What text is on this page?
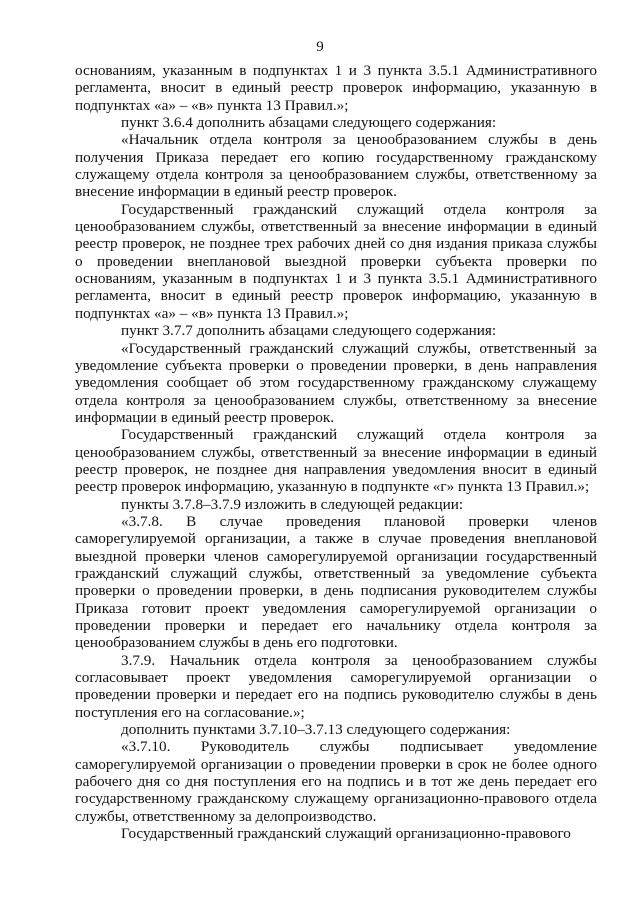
9

основаниям, указанным в подпунктах 1 и 3 пункта 3.5.1 Административного регламента, вносит в единый реестр проверок информацию, указанную в подпунктах «а» – «в» пункта 13 Правил.»;

пункт 3.6.4 дополнить абзацами следующего содержания:

«Начальник отдела контроля за ценообразованием службы в день получения Приказа передает его копию государственному гражданскому служащему отдела контроля за ценообразованием службы, ответственному за внесение информации в единый реестр проверок.

Государственный гражданский служащий отдела контроля за ценообразованием службы, ответственный за внесение информации в единый реестр проверок, не позднее трех рабочих дней со дня издания приказа службы о проведении внеплановой выездной проверки субъекта проверки по основаниям, указанным в подпунктах 1 и 3 пункта 3.5.1 Административного регламента, вносит в единый реестр проверок информацию, указанную в подпунктах «а» – «в» пункта 13 Правил.»;

пункт 3.7.7 дополнить абзацами следующего содержания:

«Государственный гражданский служащий службы, ответственный за уведомление субъекта проверки о проведении проверки, в день направления уведомления сообщает об этом государственному гражданскому служащему отдела контроля за ценообразованием службы, ответственному за внесение информации в единый реестр проверок.

Государственный гражданский служащий отдела контроля за ценообразованием службы, ответственный за внесение информации в единый реестр проверок, не позднее дня направления уведомления вносит в единый реестр проверок информацию, указанную в подпункте «г» пункта 13 Правил.»;

пункты 3.7.8–3.7.9 изложить в следующей редакции:

«3.7.8. В случае проведения плановой проверки членов саморегулируемой организации, а также в случае проведения внеплановой выездной проверки членов саморегулируемой организации государственный гражданский служащий службы, ответственный за уведомление субъекта проверки о проведении проверки, в день подписания руководителем службы Приказа готовит проект уведомления саморегулируемой организации о проведении проверки и передает его начальнику отдела контроля за ценообразованием службы в день его подготовки.

3.7.9. Начальник отдела контроля за ценообразованием службы согласовывает проект уведомления саморегулируемой организации о проведении проверки и передает его на подпись руководителю службы в день поступления его на согласование.»;

дополнить пунктами 3.7.10–3.7.13 следующего содержания:

«3.7.10. Руководитель службы подписывает уведомление саморегулируемой организации о проведении проверки в срок не более одного рабочего дня со дня поступления его на подпись и в тот же день передает его государственному гражданскому служащему организационно-правового отдела службы, ответственному за делопроизводство.

Государственный гражданский служащий организационно-правового
